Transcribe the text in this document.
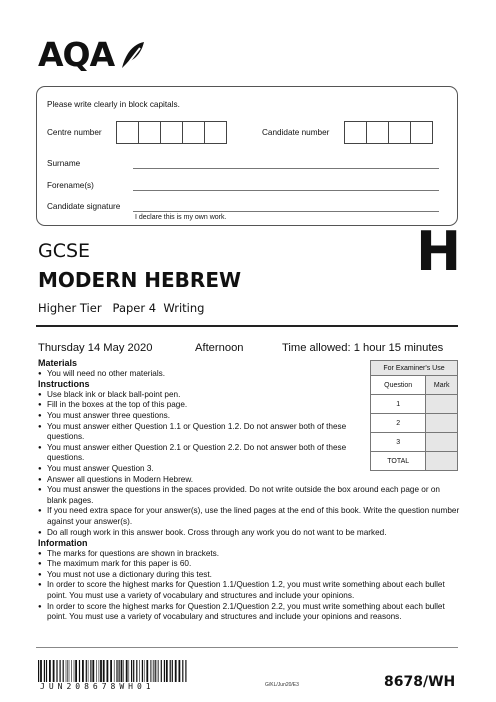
AQA
Please write clearly in block capitals.
Centre number	Candidate number
Surname
Forename(s)
Candidate signature
I declare this is my own work.
GCSE
MODERN HEBREW	H
Higher Tier   Paper 4  Writing
Thursday 14 May 2020	Afternoon	Time allowed: 1 hour 15 minutes
For Examiner's Use	
Question	Mark
1	
2	
3	
TOTAL	
Materials
● You will need no other materials.
Instructions
● Use black ink or black ball-point pen.
● Fill in the boxes at the top of this page.
● You must answer three questions.
● You must answer either Question 1.1 or Question 1.2. Do not answer both of these questions.
● You must answer either Question 2.1 or Question 2.2. Do not answer both of these questions.
● You must answer Question 3.
● Answer all questions in Modern Hebrew.
● You must answer the questions in the spaces provided. Do not write outside the box around each page or on blank pages.
● If you need extra space for your answer(s), use the lined pages at the end of this book. Write the question number against your answer(s).
● Do all rough work in this answer book. Cross through any work you do not want to be marked.
Information
● The marks for questions are shown in brackets.
● The maximum mark for this paper is 60.
● You must not use a dictionary during this test.
● In order to score the highest marks for Question 1.1/Question 1.2, you must write something about each bullet point. You must use a variety of vocabulary and structures and include your opinions.
● In order to score the highest marks for Question 2.1/Question 2.2, you must write something about each bullet point. You must use a variety of vocabulary and structures and include your opinions and reasons.
JUN208678WH01	G/KL/Jun20/E3	8678/WH
